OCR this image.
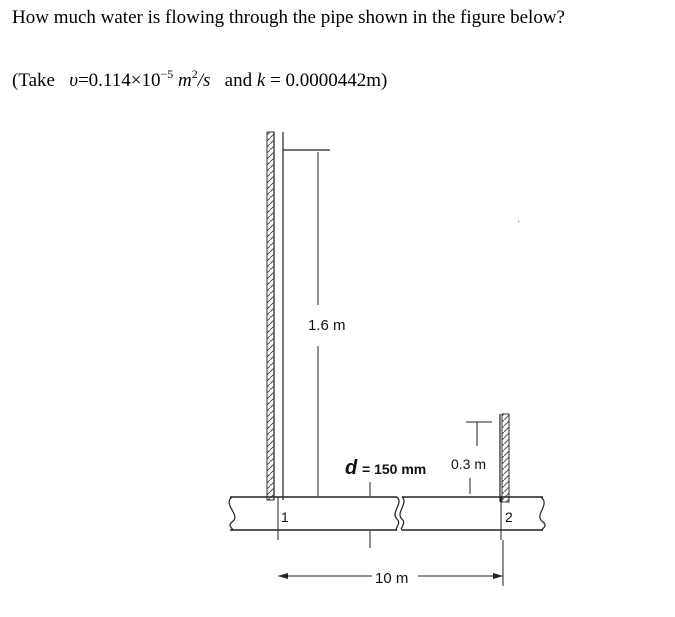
How much water is flowing through the pipe shown in the figure below?
(Take $\upsilon=0.114\times 10^{-5}$ $m^2/s$ and k = 0.0000442m)
1.6 m
0.3 m
1	2
d = 150 mm
10 m
·
